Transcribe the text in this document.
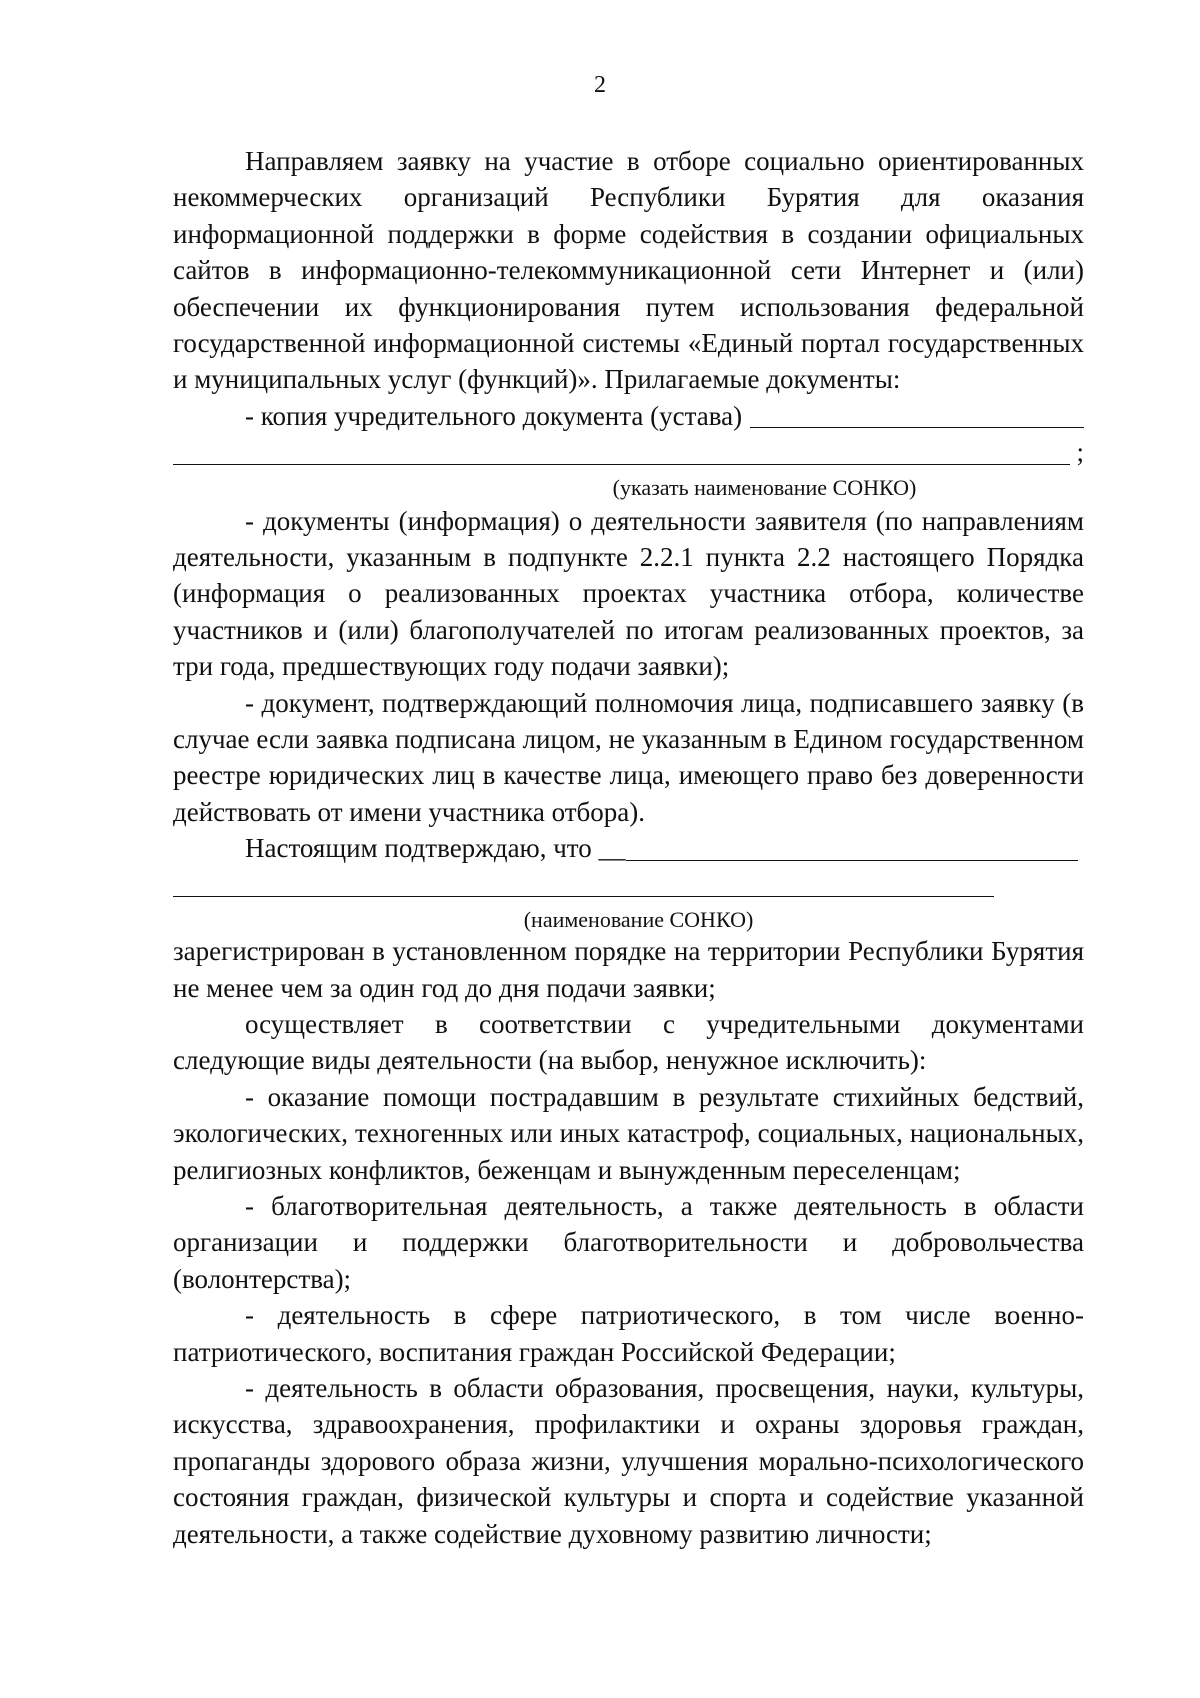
2

Направляем заявку на участие в отборе социально ориентированных некоммерческих организаций Республики Бурятия для оказания информационной поддержки в форме содействия в создании официальных сайтов в информационно-телекоммуникационной сети Интернет и (или) обеспечении их функционирования путем использования федеральной государственной информационной системы «Единый портал государственных и муниципальных услуг (функций)». Прилагаемые документы:

- копия учредительного документа (устава)
;
(указать наименование СОНКО)

- документы (информация) о деятельности заявителя (по направлениям деятельности, указанным в подпункте 2.2.1 пункта 2.2 настоящего Порядка (информация о реализованных проектах участника отбора, количестве участников и (или) благополучателей по итогам реализованных проектов, за три года, предшествующих году подачи заявки);

- документ, подтверждающий полномочия лица, подписавшего заявку (в случае если заявка подписана лицом, не указанным в Едином государственном реестре юридических лиц в качестве лица, имеющего право без доверенности действовать от имени участника отбора).

Настоящим подтверждаю, что __
(наименование СОНКО)

зарегистрирован в установленном порядке на территории Республики Бурятия не менее чем за один год до дня подачи заявки;

осуществляет в соответствии с учредительными документами следующие виды деятельности (на выбор, ненужное исключить):

- оказание помощи пострадавшим в результате стихийных бедствий, экологических, техногенных или иных катастроф, социальных, национальных, религиозных конфликтов, беженцам и вынужденным переселенцам;

- благотворительная деятельность, а также деятельность в области организации и поддержки благотворительности и добровольчества (волонтерства);

- деятельность в сфере патриотического, в том числе военно-патриотического, воспитания граждан Российской Федерации;

- деятельность в области образования, просвещения, науки, культуры, искусства, здравоохранения, профилактики и охраны здоровья граждан, пропаганды здорового образа жизни, улучшения морально-психологического состояния граждан, физической культуры и спорта и содействие указанной деятельности, а также содействие духовному развитию личности;
